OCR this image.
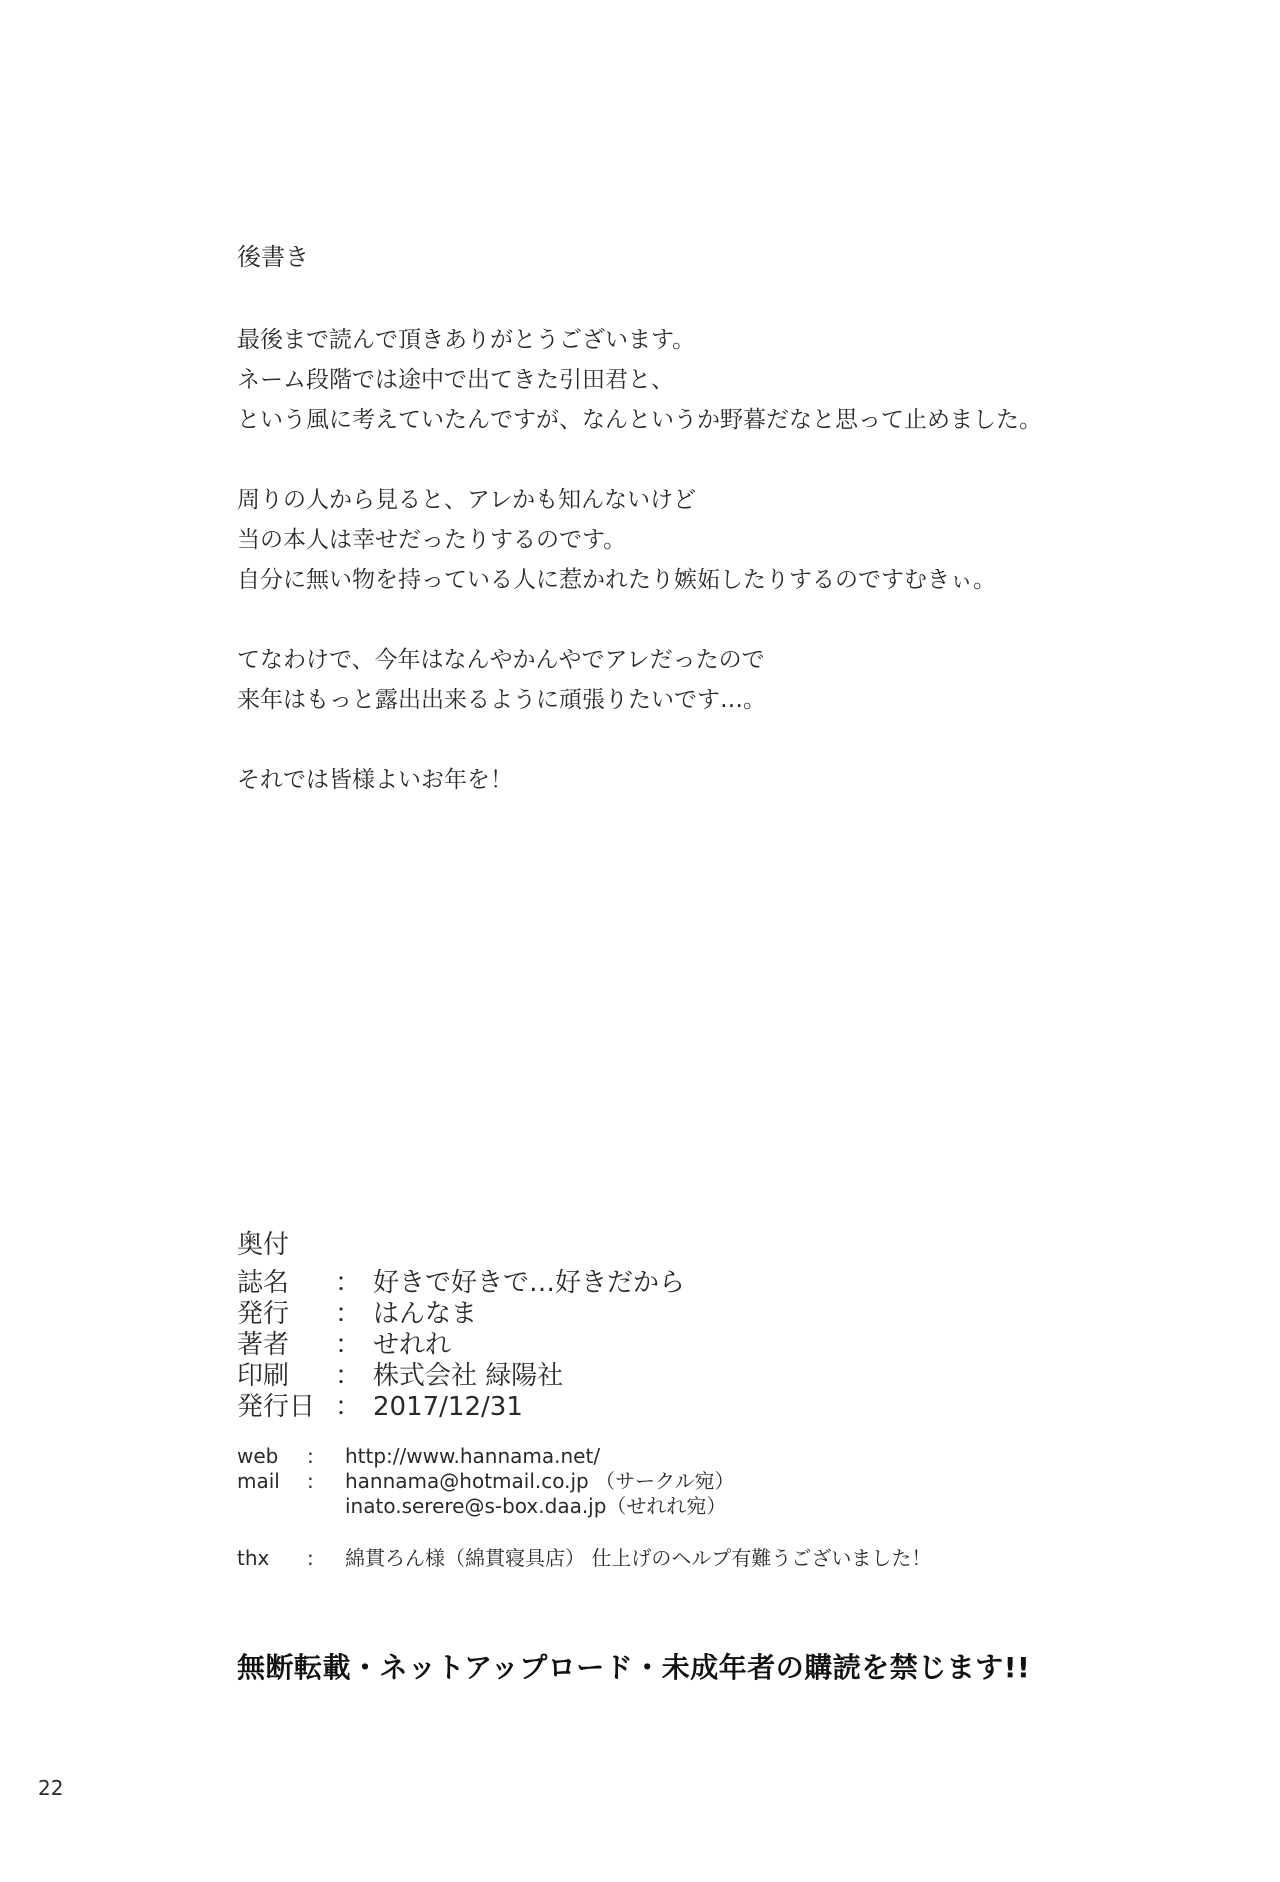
後書き
最後まで読んで頂きありがとうございます。
ネーム段階では途中で出てきた引田君と、
という風に考えていたんですが、なんというか野暮だなと思って止めました。
周りの人から見ると、アレかも知んないけど
当の本人は幸せだったりするのです。
自分に無い物を持っている人に惹かれたり嫉妬したりするのですむきぃ。
てなわけで、今年はなんやかんやでアレだったので
来年はもっと露出出来るように頑張りたいです…。
それでは皆様よいお年を！
奥付
誌名	： 好きで好きで…好きだから
発行	： はんなま
著者	： せれれ
印刷	： 株式会社 緑陽社
発行日 ： 2017/12/31
web	:	http://www.hannama.net/
mail	:	hannama@hotmail.co.jp （サークル宛）
inato.serere@s-box.daa.jp（せれれ宛）
thx	:	綿貫ろん様（綿貫寝具店） 仕上げのヘルプ有難うございました！
無断転載・ネットアップロード・未成年者の購読を禁じます!!
22
